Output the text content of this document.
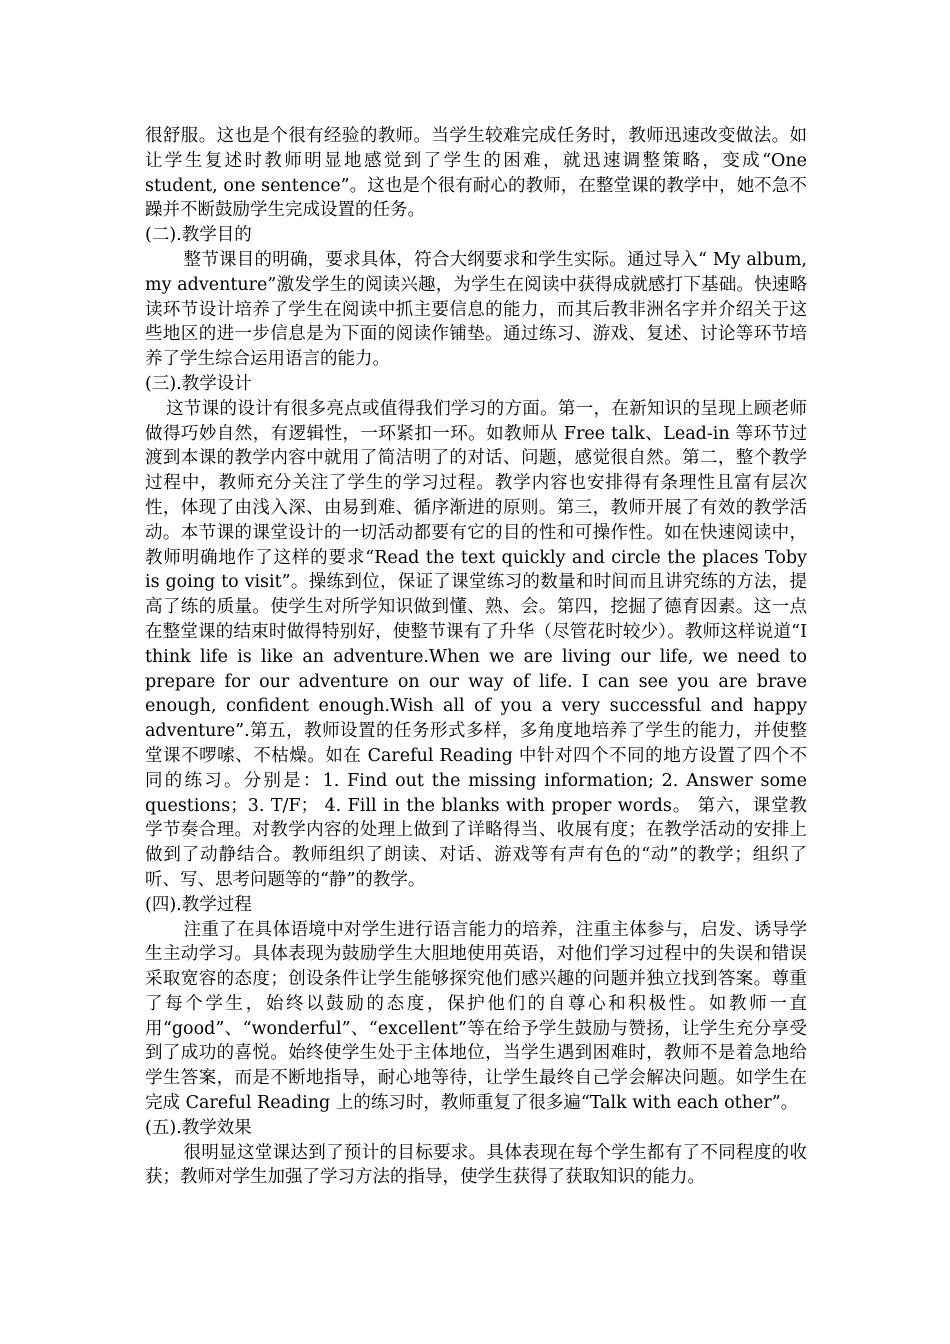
很舒服。这也是个很有经验的教师。当学生较难完成任务时，教师迅速改变做法。如让学生复述时教师明显地感觉到了学生的困难，就迅速调整策略，变成“One student, one sentence”。这也是个很有耐心的教师，在整堂课的教学中，她不急不躁并不断鼓励学生完成设置的任务。

(二).教学目的

整节课目的明确，要求具体，符合大纲要求和学生实际。通过导入“ My album, my adventure”激发学生的阅读兴趣，为学生在阅读中获得成就感打下基础。快速略读环节设计培养了学生在阅读中抓主要信息的能力，而其后教非洲名字并介绍关于这些地区的进一步信息是为下面的阅读作铺垫。通过练习、游戏、复述、讨论等环节培养了学生综合运用语言的能力。

(三).教学设计

这节课的设计有很多亮点或值得我们学习的方面。第一，在新知识的呈现上顾老师做得巧妙自然，有逻辑性，一环紧扣一环。如教师从 Free talk、Lead-in 等环节过渡到本课的教学内容中就用了简洁明了的对话、问题，感觉很自然。第二，整个教学过程中，教师充分关注了学生的学习过程。教学内容也安排得有条理性且富有层次性，体现了由浅入深、由易到难、循序渐进的原则。第三，教师开展了有效的教学活动。本节课的课堂设计的一切活动都要有它的目的性和可操作性。如在快速阅读中，教师明确地作了这样的要求“Read the text quickly and circle the places Toby is going to visit”。操练到位，保证了课堂练习的数量和时间而且讲究练的方法，提高了练的质量。使学生对所学知识做到懂、熟、会。第四，挖掘了德育因素。这一点在整堂课的结束时做得特别好，使整节课有了升华（尽管花时较少）。教师这样说道“I think life is like an adventure.When we are living our life, we need to prepare for our adventure on our way of life. I can see you are brave enough, confident enough.Wish all of you a very successful and happy adventure”.第五，教师设置的任务形式多样，多角度地培养了学生的能力，并使整堂课不啰嗦、不枯燥。如在 Careful Reading 中针对四个不同的地方设置了四个不同的练习。分别是：1. Find out the missing information; 2. Answer some questions；3. T/F； 4. Fill in the blanks with proper words。 第六，课堂教学节奏合理。对教学内容的处理上做到了详略得当、收展有度；在教学活动的安排上做到了动静结合。教师组织了朗读、对话、游戏等有声有色的“动”的教学；组织了听、写、思考问题等的“静”的教学。

(四).教学过程

注重了在具体语境中对学生进行语言能力的培养，注重主体参与，启发、诱导学生主动学习。具体表现为鼓励学生大胆地使用英语，对他们学习过程中的失误和错误采取宽容的态度；创设条件让学生能够探究他们感兴趣的问题并独立找到答案。尊重了每个学生，始终以鼓励的态度，保护他们的自尊心和积极性。如教师一直用“good”、“wonderful”、“excellent”等在给予学生鼓励与赞扬，让学生充分享受到了成功的喜悦。始终使学生处于主体地位，当学生遇到困难时，教师不是着急地给学生答案，而是不断地指导，耐心地等待，让学生最终自己学会解决问题。如学生在完成 Careful Reading 上的练习时，教师重复了很多遍“Talk with each other”。

(五).教学效果

很明显这堂课达到了预计的目标要求。具体表现在每个学生都有了不同程度的收获；教师对学生加强了学习方法的指导，使学生获得了获取知识的能力。
